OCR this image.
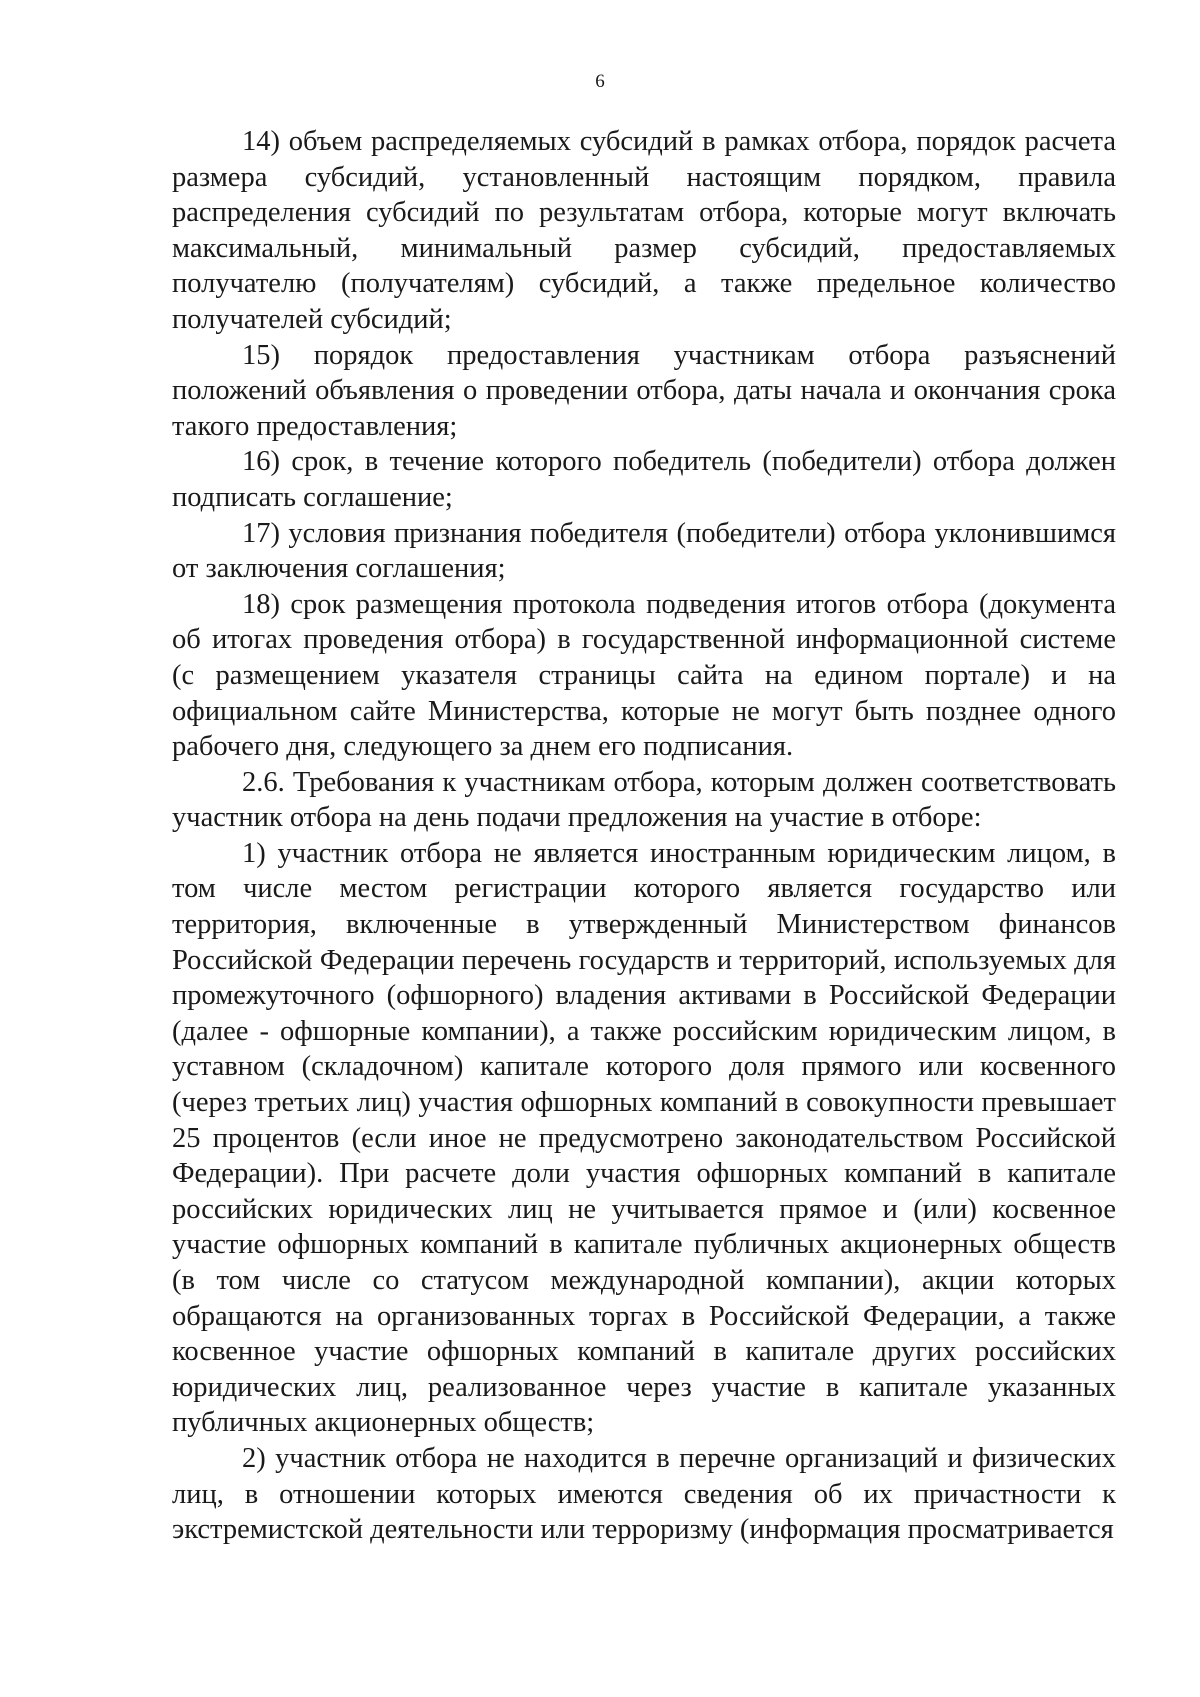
6

14) объем распределяемых субсидий в рамках отбора, порядок расчета размера субсидий, установленный настоящим порядком, правила распределения субсидий по результатам отбора, которые могут включать максимальный, минимальный размер субсидий, предоставляемых получателю (получателям) субсидий, а также предельное количество получателей субсидий;

15) порядок предоставления участникам отбора разъяснений положений объявления о проведении отбора, даты начала и окончания срока такого предоставления;

16) срок, в течение которого победитель (победители) отбора должен подписать соглашение;

17) условия признания победителя (победители) отбора уклонившимся от заключения соглашения;

18) срок размещения протокола подведения итогов отбора (документа об итогах проведения отбора) в государственной информационной системе (с размещением указателя страницы сайта на едином портале) и на официальном сайте Министерства, которые не могут быть позднее одного рабочего дня, следующего за днем его подписания.

2.6. Требования к участникам отбора, которым должен соответствовать участник отбора на день подачи предложения на участие в отборе:

1) участник отбора не является иностранным юридическим лицом, в том числе местом регистрации которого является государство или территория, включенные в утвержденный Министерством финансов Российской Федерации перечень государств и территорий, используемых для промежуточного (офшорного) владения активами в Российской Федерации (далее - офшорные компании), а также российским юридическим лицом, в уставном (складочном) капитале которого доля прямого или косвенного (через третьих лиц) участия офшорных компаний в совокупности превышает 25 процентов (если иное не предусмотрено законодательством Российской Федерации). При расчете доли участия офшорных компаний в капитале российских юридических лиц не учитывается прямое и (или) косвенное участие офшорных компаний в капитале публичных акционерных обществ (в том числе со статусом международной компании), акции которых обращаются на организованных торгах в Российской Федерации, а также косвенное участие офшорных компаний в капитале других российских юридических лиц, реализованное через участие в капитале указанных публичных акционерных обществ;

2) участник отбора не находится в перечне организаций и физических лиц, в отношении которых имеются сведения об их причастности к экстремистской деятельности или терроризму (информация просматривается
